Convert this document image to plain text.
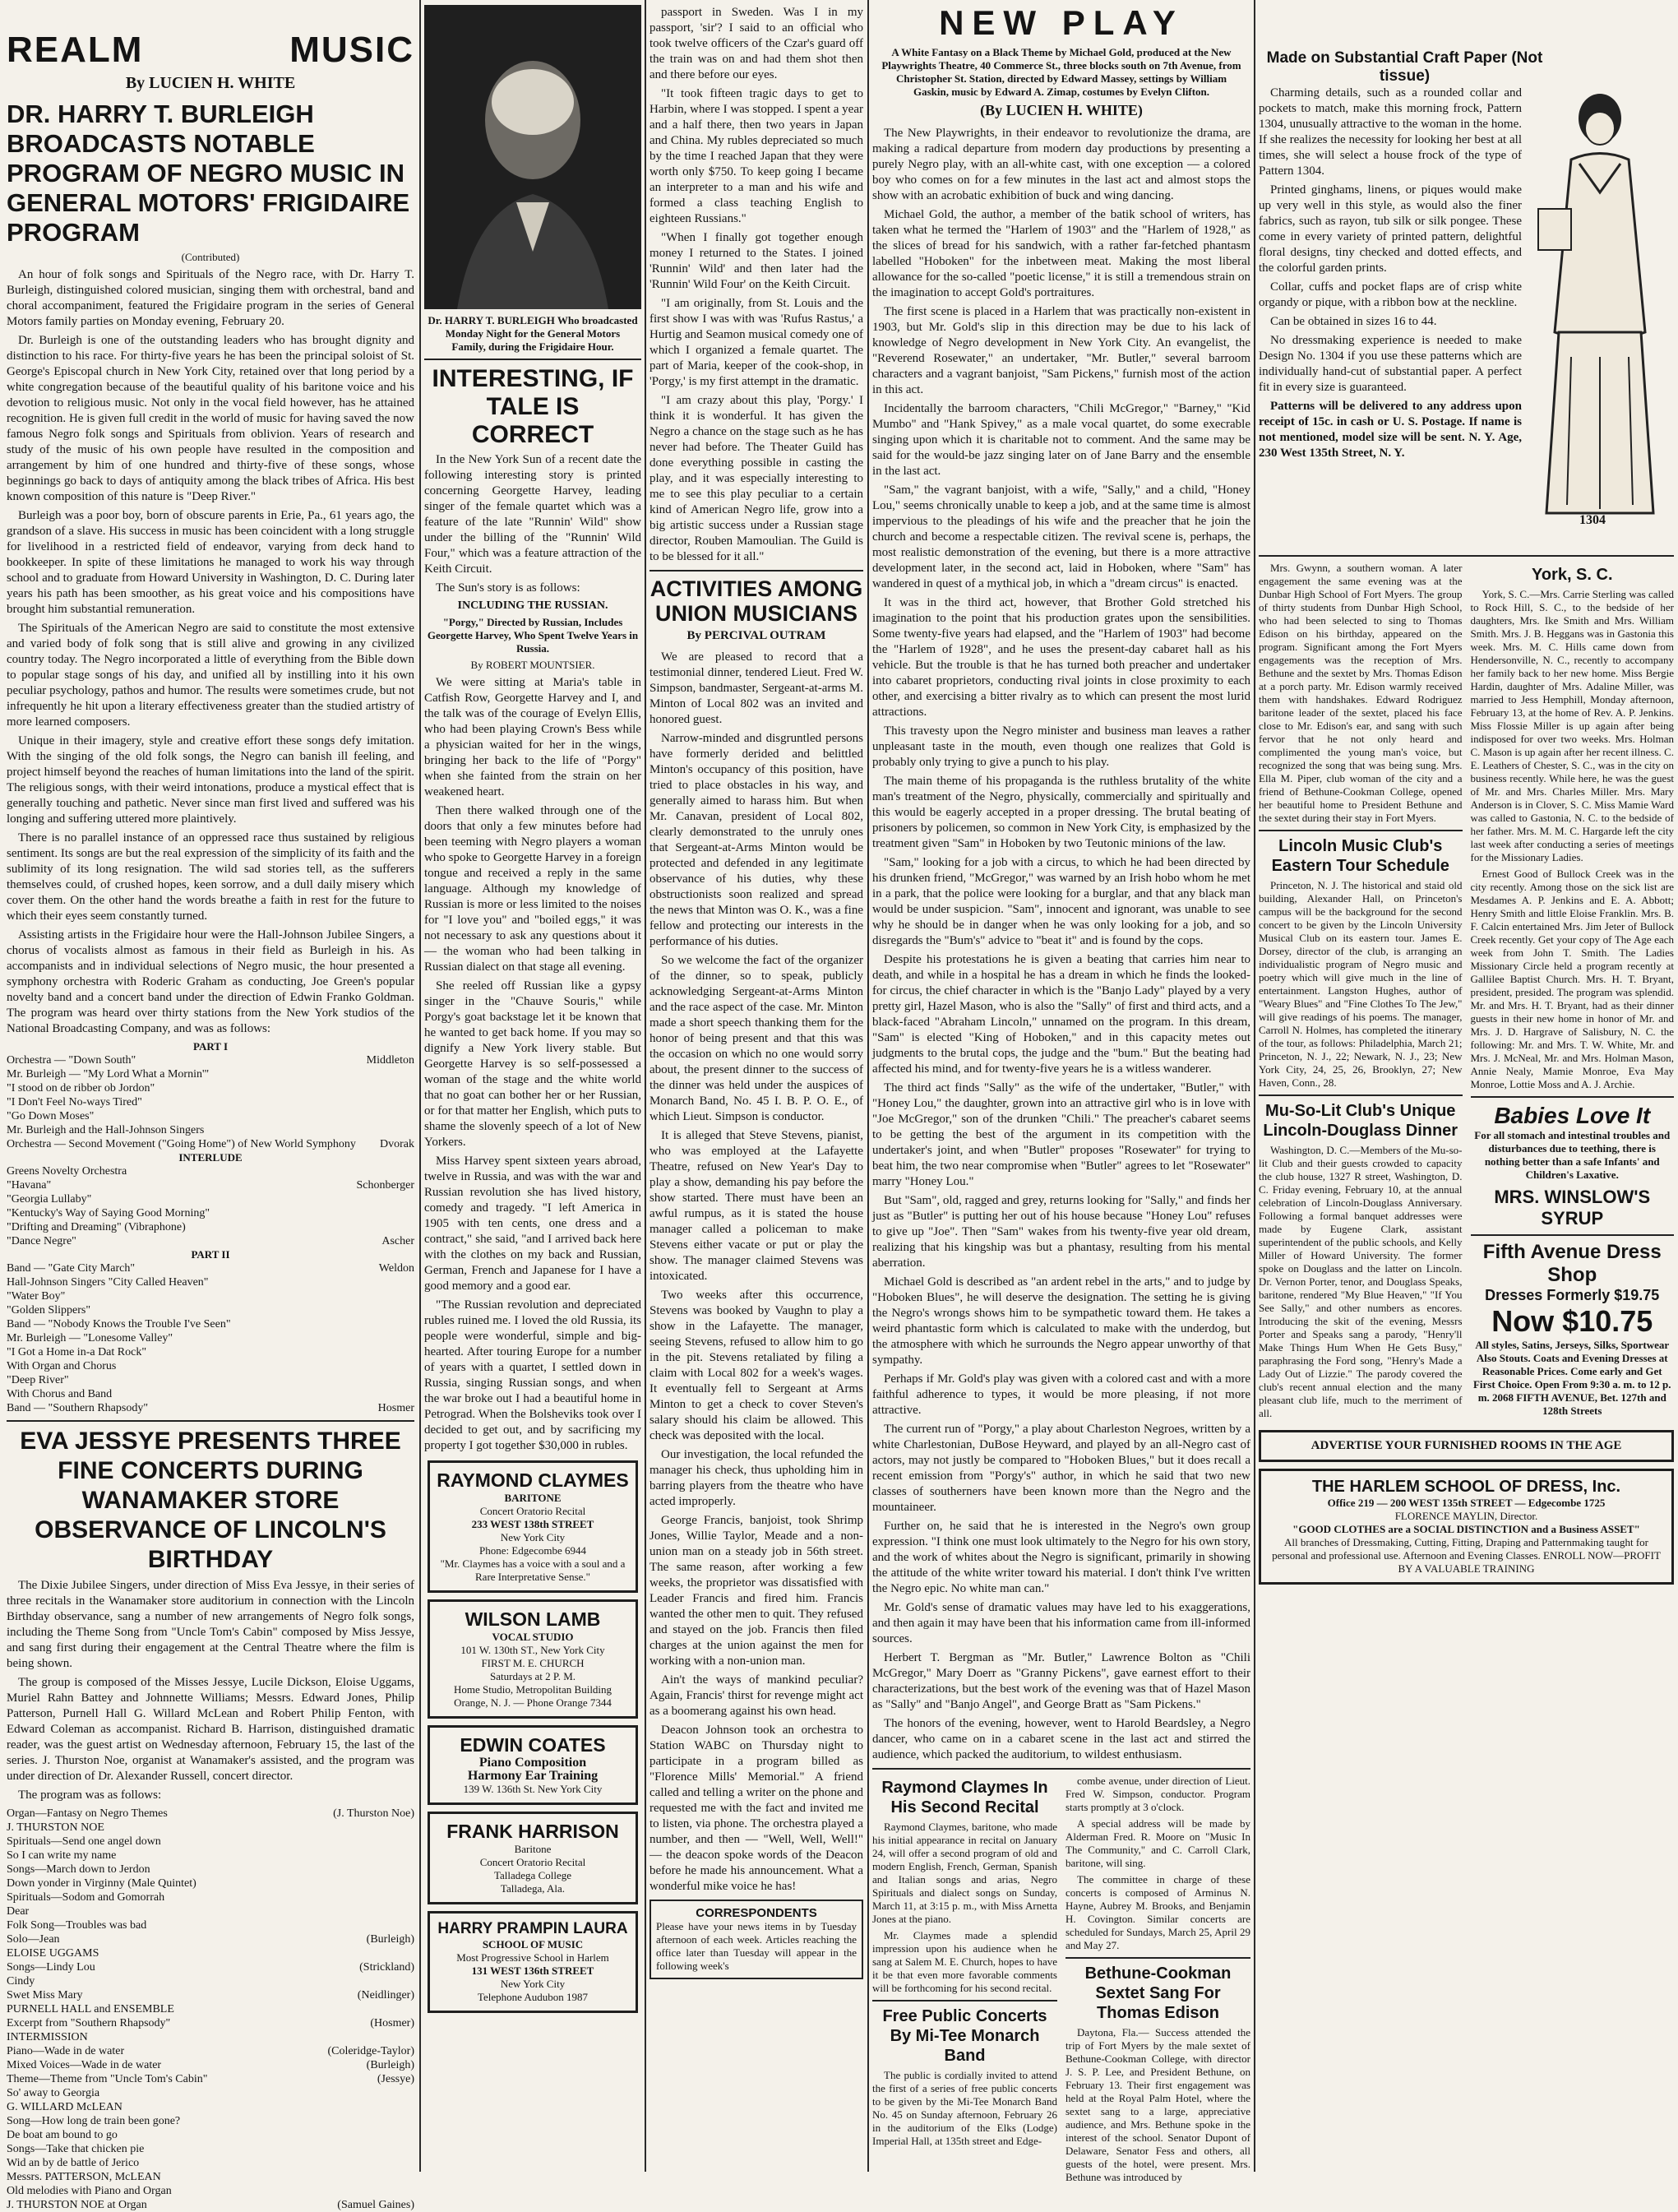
REALM	MUSIC
By LUCIEN H. WHITE
DR. HARRY T. BURLEIGH BROADCASTS NOTABLE PROGRAM OF NEGRO MUSIC IN GENERAL MOTORS' FRIGIDAIRE PROGRAM
(Contributed)

An hour of folk songs and Spirituals of the Negro race, with Dr. Harry T. Burleigh, distinguished colored musician, singing them with orchestral, band and choral accompaniment, featured the Frigidaire program in the series of General Motors family parties on Monday evening, February 20.

Dr. Burleigh is one of the outstanding leaders who has brought dignity and distinction to his race. For thirty-five years he has been the principal soloist of St. George's Episcopal church in New York City, retained over that long period by a white congregation because of the beautiful quality of his baritone voice and his devotion to religious music. Not only in the vocal field however, has he attained recognition. He is given full credit in the world of music for having saved the now famous Negro folk songs and Spirituals from oblivion. Years of research and study of the music of his own people have resulted in the composition and arrangement by him of one hundred and thirty-five of these songs, whose beginnings go back to days of antiquity among the black tribes of Africa. His best known composition of this nature is "Deep River."

Burleigh was a poor boy, born of obscure parents in Erie, Pa., 61 years ago, the grandson of a slave. His success in music has been coincident with a long struggle for livelihood in a restricted field of endeavor, varying from deck hand to bookkeeper. In spite of these limitations he managed to work his way through school and to graduate from Howard University in Washington, D. C. During later years his path has been smoother, as his great voice and his compositions have brought him substantial remuneration.

The Spirituals of the American Negro are said to constitute the most extensive and varied body of folk song that is still alive and growing in any civilized country today. The Negro incorporated a little of everything from the Bible down to popular stage songs of his day, and unified all by instilling into it his own peculiar psychology, pathos and humor. The results were sometimes crude, but not infrequently he hit upon a literary effectiveness greater than the studied artistry of more learned composers.

Unique in their imagery, style and creative effort these songs defy imitation. With the singing of the old folk songs, the Negro can banish ill feeling, and project himself beyond the reaches of human limitations into the land of the spirit. The religious songs, with their weird intonations, produce a mystical effect that is generally touching and pathetic. Never since man first lived and suffered was his longing and suffering uttered more plaintively.

There is no parallel instance of an oppressed race thus sustained by religious sentiment. Its songs are but the real expression of the simplicity of its faith and the sublimity of its long resignation. The wild sad stories tell, as the sufferers themselves could, of crushed hopes, keen sorrow, and a dull daily misery which cover them. On the other hand the words breathe a faith in rest for the future to which their eyes seem constantly turned.

Assisting artists in the Frigidaire hour were the Hall-Johnson Jubilee Singers, a chorus of vocalists almost as famous in their field as Burleigh in his. As accompanists and in individual selections of Negro music, the hour presented a symphony orchestra with Roderic Graham as conducting, Joe Green's popular novelty band and a concert band under the direction of Edwin Franko Goldman. The program was heard over thirty stations from the New York studios of the National Broadcasting Company, and was as follows:

PART I
Orchestra — "Down South"	Middleton
Mr. Burleigh — "My Lord What a Mornin'"
"I stood on de ribber ob Jordon"
"I Don't Feel No-ways Tired"
"Go Down Moses"
Mr. Burleigh and the Hall-Johnson Singers
Orchestra — Second Movement ("Going Home") of New World Symphony Dvorak
INTERLUDE
Greens Novelty Orchestra
"Havana"	Schonberger
"Georgia Lullaby"
"Kentucky's Way of Saying Good Morning"
"Drifting and Dreaming" (Vibraphone)
"Dance Negre"	Ascher
PART II
Band — "Gate City March"	Weldon
Hall-Johnson Singers "City Called Heaven"
"Water Boy"
"Golden Slippers"
Band — "Nobody Knows the Trouble I've Seen"
Mr. Burleigh — "Lonesome Valley"
"I Got a Home in-a Dat Rock"
With Organ and Chorus
"Deep River"
With Chorus and Band
Band — "Southern Rhapsody"	Hosmer
EVA JESSYE PRESENTS THREE FINE CONCERTS DURING WANAMAKER STORE OBSERVANCE OF LINCOLN'S BIRTHDAY

The Dixie Jubilee Singers, under direction of Miss Eva Jessye, in their series of three recitals in the Wanamaker store auditorium in connection with the Lincoln Birthday observance, sang a number of new arrangements of Negro folk songs, including the Theme Song from "Uncle Tom's Cabin" composed by Miss Jessye, and sang first during their engagement at the Central Theatre where the film is being shown.

The group is composed of the Misses Jessye, Lucile Dickson, Eloise Uggams, Muriel Rahn Battey and Johnnette Williams; Messrs. Edward Jones, Philip Patterson, Purnell Hall G. Willard McLean and Robert Philip Fenton, with Edward Coleman as accompanist. Richard B. Harrison, distinguished dramatic reader, was the guest artist on Wednesday afternoon, February 15, the last of the series. J. Thurston Noe, organist at Wanamaker's assisted, and the program was under direction of Dr. Alexander Russell, concert director.

The program was as follows:

Organ—Fantasy on Negro Themes	(J. Thurston Noe)
J. THURSTON NOE
Spirituals—Send one angel down
So I can write my name
Songs—March down to Jerdon
Down yonder in Virginny (Male Quintet)
Spirituals—Sodom and Gomorrah
Dear
Folk Song—Troubles was bad
Solo—Jean	(Burleigh)
ELOISE UGGAMS
Songs—Lindy Lou	(Strickland)
Cindy
Swet Miss Mary	(Neidlinger)
PURNELL HALL and ENSEMBLE
Excerpt from "Southern Rhapsody"	(Hosmer)
INTERMISSION
Piano—Wade in de water	(Coleridge-Taylor)
Mixed Voices—Wade in de water	(Burleigh)
Theme—Theme from "Uncle Tom's Cabin"	(Jessye)
So' away to Georgia
G. WILLARD McLEAN
Song—How long de train been gone?
De boat am bound to go
Songs—Take that chicken pie
Wid an by de battle of Jerico
Messrs. PATTERSON, McLEAN
Old melodies with Piano and Organ
J. THURSTON NOE at Organ	(Samuel Gaines)
Dr. HARRY T. BURLEIGH Who broadcasted Monday Night for the General Motors Family, during the Frigidaire Hour.
INTERESTING, IF TALE IS CORRECT

In the New York Sun of a recent date the following interesting story is printed concerning Georgette Harvey, leading singer of the female quartet which was a feature of the late "Runnin' Wild" show under the billing of the "Runnin' Wild Four," which was a feature attraction of the Keith Circuit.

The Sun's story is as follows:

INCLUDING THE RUSSIAN.
"Porgy," Directed by Russian, Includes Georgette Harvey, Who Spent Twelve Years in Russia.
By ROBERT MOUNTSIER.

We were sitting at Maria's table in Catfish Row, Georgette Harvey and I, and the talk was of the courage of Evelyn Ellis, who had been playing Crown's Bess while a physician waited for her in the wings, bringing her back to the life of "Porgy" when she fainted from the strain on her weakened heart.

Then there walked through one of the doors that only a few minutes before had been teeming with Negro players a woman who spoke to Georgette Harvey in a foreign tongue and received a reply in the same language. Although my knowledge of Russian is more or less limited to the noises for "I love you" and "boiled eggs," it was not necessary to ask any questions about it — the woman who had been talking in Russian dialect on that stage all evening.

She reeled off Russian like a gypsy singer in the "Chauve Souris," while Porgy's goat backstage let it be known that he wanted to get back home. If you may so dignify a New York livery stable. But Georgette Harvey is so self-possessed a woman of the stage and the white world that no goat can bother her or her Russian, or for that matter her English, which puts to shame the slovenly speech of a lot of New Yorkers.

Miss Harvey spent sixteen years abroad, twelve in Russia, and was with the war and Russian revolution she has lived history, comedy and tragedy. "I left America in 1905 with ten cents, one dress and a contract," she said, "and I arrived back here with the clothes on my back and Russian, German, French and Japanese for I have a good memory and a good ear.

"The Russian revolution and depreciated rubles ruined me. I loved the old Russia, its people were wonderful, simple and big-hearted. After touring Europe for a number of years with a quartet, I settled down in Russia, singing Russian songs, and when the war broke out I had a beautiful home in Petrograd. When the Bolsheviks took over I decided to get out, and by sacrificing my property I got together $30,000 in rubles.

RAYMOND CLAYMES
BARITONE
Concert Oratorio Recital
233 WEST 138th STREET
New York City
Phone: Edgecombe 6944
"Mr. Claymes has a voice with a soul and a Rare Interpretative Sense."
WILSON LAMB
VOCAL STUDIO
101 W. 130th ST., New York City
FIRST M. E. CHURCH
Saturdays at 2 P. M.
Home Studio, Metropolitan Building
Orange, N. J. — Phone Orange 7344
EDWIN COATES
Piano Composition
Harmony Ear Training
139 W. 136th St. New York City
FRANK HARRISON
Baritone
Concert Oratorio Recital
Talladega College
Talladega, Ala.
HARRY PRAMPIN LAURA
SCHOOL OF MUSIC
Most Progressive School in Harlem
131 WEST 136th STREET
New York City
Telephone Audubon 1987

passport in Sweden. Was I in my passport, 'sir'? I said to an official who took twelve officers of the Czar's guard off the train was on and had them shot then and there before our eyes.

"It took fifteen tragic days to get to Harbin, where I was stopped. I spent a year and a half there, then two years in Japan and China. My rubles depreciated so much by the time I reached Japan that they were worth only $750. To keep going I became an interpreter to a man and his wife and formed a class teaching English to eighteen Russians."

"When I finally got together enough money I returned to the States. I joined 'Runnin' Wild' and then later had the 'Runnin' Wild Four' on the Keith Circuit.

"I am originally, from St. Louis and the first show I was with was 'Rufus Rastus,' a Hurtig and Seamon musical comedy one of which I organized a female quartet. The part of Maria, keeper of the cook-shop, in 'Porgy,' is my first attempt in the dramatic.

"I am crazy about this play, 'Porgy.' I think it is wonderful. It has given the Negro a chance on the stage such as he has never had before. The Theater Guild has done everything possible in casting the play, and it was especially interesting to me to see this play peculiar to a certain kind of American Negro life, grow into a big artistic success under a Russian stage director, Rouben Mamoulian. The Guild is to be blessed for it all."

ACTIVITIES AMONG UNION MUSICIANS
By PERCIVAL OUTRAM

We are pleased to record that a testimonial dinner, tendered Lieut. Fred W. Simpson, bandmaster, Sergeant-at-arms M. Minton of Local 802 was an invited and honored guest.

Narrow-minded and disgruntled persons have formerly derided and belittled Minton's occupancy of this position, have tried to place obstacles in his way, and generally aimed to harass him. But when Mr. Canavan, president of Local 802, clearly demonstrated to the unruly ones that Sergeant-at-Arms Minton would be protected and defended in any legitimate observance of his duties, why these obstructionists soon realized and spread the news that Minton was O. K., was a fine fellow and protecting our interests in the performance of his duties.

So we welcome the fact of the organizer of the dinner, so to speak, publicly acknowledging Sergeant-at-Arms Minton and the race aspect of the case. Mr. Minton made a short speech thanking them for the honor of being present and that this was the occasion on which no one would sorry about, the present dinner to the success of the dinner was held under the auspices of Monarch Band, No. 45 I. B. P. O. E., of which Lieut. Simpson is conductor.

It is alleged that Steve Stevens, pianist, who was employed at the Lafayette Theatre, refused on New Year's Day to play a show, demanding his pay before the show started. There must have been an awful rumpus, as it is stated the house manager called a policeman to make Stevens either vacate or put or play the show. The manager claimed Stevens was intoxicated.

Two weeks after this occurrence, Stevens was booked by Vaughn to play a show in the Lafayette. The manager, seeing Stevens, refused to allow him to go in the pit. Stevens retaliated by filing a claim with Local 802 for a week's wages. It eventually fell to Sergeant at Arms Minton to get a check to cover Steven's salary should his claim be allowed. This check was deposited with the local.

Our investigation, the local refunded the manager his check, thus upholding him in barring players from the theatre who have acted improperly.

George Francis, banjoist, took Shrimp Jones, Willie Taylor, Meade and a non-union man on a steady job in 56th street. The same reason, after working a few weeks, the proprietor was dissatisfied with Leader Francis and fired him. Francis wanted the other men to quit. They refused and stayed on the job. Francis then filed charges at the union against the men for working with a non-union man.

Ain't the ways of mankind peculiar? Again, Francis' thirst for revenge might act as a boomerang against his own head.

Deacon Johnson took an orchestra to Station WABC on Thursday night to participate in a program billed as "Florence Mills' Memorial." A friend called and telling a writer on the phone and requested me with the fact and invited me to listen, via phone. The orchestra played a number, and then — "Well, Well, Well!" — the deacon spoke words of the Deacon before he made his announcement. What a wonderful mike voice he has!

CORRESPONDENTS
Please have your news items in by Tuesday afternoon of each week. Articles reaching the office later than Tuesday will appear in the following week's
NEW PLAY
A White Fantasy on a Black Theme by Michael Gold, produced at the New Playwrights Theatre, 40 Commerce St., three blocks south on 7th Avenue, from Christopher St. Station, directed by Edward Massey, settings by William Gaskin, music by Edward A. Zimap, costumes by Evelyn Clifton.
(By LUCIEN H. WHITE)

The New Playwrights, in their endeavor to revolutionize the drama, are making a radical departure from modern day productions by presenting a purely Negro play, with an all-white cast, with one exception — a colored boy who comes on for a few minutes in the last act and almost stops the show with an acrobatic exhibition of buck and wing dancing.

Michael Gold, the author, a member of the batik school of writers, has taken what he termed the "Harlem of 1903" and the "Harlem of 1928," as the slices of bread for his sandwich, with a rather far-fetched phantasm labelled "Hoboken" for the inbetween meat. Making the most liberal allowance for the so-called "poetic license," it is still a tremendous strain on the imagination to accept Gold's portraitures.

The first scene is placed in a Harlem that was practically non-existent in 1903, but Mr. Gold's slip in this direction may be due to his lack of knowledge of Negro development in New York City. An evangelist, the "Reverend Rosewater," an undertaker, "Mr. Butler," several barroom characters and a vagrant banjoist, "Sam Pickens," furnish most of the action in this act.

Incidentally the barroom characters, "Chili McGregor," "Barney," "Kid Mumbo" and "Hank Spivey," as a male vocal quartet, do some execrable singing upon which it is charitable not to comment. And the same may be said for the would-be jazz singing later on of Jane Barry and the ensemble in the last act.

"Sam," the vagrant banjoist, with a wife, "Sally," and a child, "Honey Lou," seems chronically unable to keep a job, and at the same time is almost impervious to the pleadings of his wife and the preacher that he join the church and become a respectable citizen. The revival scene is, perhaps, the most realistic demonstration of the evening, but there is a more attractive development later, in the second act, laid in Hoboken, where "Sam" has wandered in quest of a mythical job, in which a "dream circus" is enacted.

It was in the third act, however, that Brother Gold stretched his imagination to the point that his production grates upon the sensibilities. Some twenty-five years had elapsed, and the "Harlem of 1903" had become the "Harlem of 1928", and he uses the present-day cabaret hall as his vehicle. But the trouble is that he has turned both preacher and undertaker into cabaret proprietors, conducting rival joints in close proximity to each other, and exercising a bitter rivalry as to which can present the most lurid attractions.

This travesty upon the Negro minister and business man leaves a rather unpleasant taste in the mouth, even though one realizes that Gold is probably only trying to give a punch to his play.

The main theme of his propaganda is the ruthless brutality of the white man's treatment of the Negro, physically, commercially and spiritually and this would be eagerly accepted in a proper dressing. The brutal beating of prisoners by policemen, so common in New York City, is emphasized by the treatment given "Sam" in Hoboken by two Teutonic minions of the law.

"Sam," looking for a job with a circus, to which he had been directed by his drunken friend, "McGregor," was warned by an Irish hobo whom he met in a park, that the police were looking for a burglar, and that any black man would be under suspicion. "Sam", innocent and ignorant, was unable to see why he should be in danger when he was only looking for a job, and so disregards the "Bum's" advice to "beat it" and is found by the cops.

Despite his protestations he is given a beating that carries him near to death, and while in a hospital he has a dream in which he finds the looked-for circus, the chief character in which is the "Banjo Lady" played by a very pretty girl, Hazel Mason, who is also the "Sally" of first and third acts, and a black-faced "Abraham Lincoln," unnamed on the program. In this dream, "Sam" is elected "King of Hoboken," and in this capacity metes out judgments to the brutal cops, the judge and the "bum." But the beating had affected his mind, and for twenty-five years he is a witless wanderer.

The third act finds "Sally" as the wife of the undertaker, "Butler," with "Honey Lou," the daughter, grown into an attractive girl who is in love with "Joe McGregor," son of the drunken "Chili." The preacher's cabaret seems to be getting the best of the argument in its competition with the undertaker's joint, and when "Butler" proposes "Rosewater" for trying to beat him, the two near compromise when "Butler" agrees to let "Rosewater" marry "Honey Lou."

But "Sam", old, ragged and grey, returns looking for "Sally," and finds her just as "Butler" is putting her out of his house because "Honey Lou" refuses to give up "Joe". Then "Sam" wakes from his twenty-five year old dream, realizing that his kingship was but a phantasy, resulting from his mental aberration.

Michael Gold is described as "an ardent rebel in the arts," and to judge by "Hoboken Blues", he will deserve the designation. The setting he is giving the Negro's wrongs shows him to be sympathetic toward them. He takes a weird phantastic form which is calculated to make with the underdog, but the atmosphere with which he surrounds the Negro appear unworthy of that sympathy.

Perhaps if Mr. Gold's play was given with a colored cast and with a more faithful adherence to types, it would be more pleasing, if not more attractive.

The current run of "Porgy," a play about Charleston Negroes, written by a white Charlestonian, DuBose Heyward, and played by an all-Negro cast of actors, may not justly be compared to "Hoboken Blues," but it does recall a recent emission from "Porgy's" author, in which he said that two new classes of southerners have been known more than the Negro and the mountaineer.

Further on, he said that he is interested in the Negro's own group expression. "I think one must look ultimately to the Negro for his own story, and the work of whites about the Negro is significant, primarily in showing the attitude of the white writer toward his material. I don't think I've written the Negro epic. No white man can."

Mr. Gold's sense of dramatic values may have led to his exaggerations, and then again it may have been that his information came from ill-informed sources.

Herbert T. Bergman as "Mr. Butler," Lawrence Bolton as "Chili McGregor," Mary Doerr as "Granny Pickens", gave earnest effort to their characterizations, but the best work of the evening was that of Hazel Mason as "Sally" and "Banjo Angel", and George Bratt as "Sam Pickens."

The honors of the evening, however, went to Harold Beardsley, a Negro dancer, who came on in a cabaret scene in the last act and stirred the audience, which packed the auditorium, to wildest enthusiasm.

Raymond Claymes In His Second Recital

Raymond Claymes, baritone, who made his initial appearance in recital on January 24, will offer a second program of old and modern English, French, German, Spanish and Italian songs and arias, Negro Spirituals and dialect songs on Sunday, March 11, at 3:15 p. m., with Miss Arnetta Jones at the piano.

Mr. Claymes made a splendid impression upon his audience when he sang at Salem M. E. Church, hopes to have it be that even more favorable comments will be forthcoming for his second recital.

Free Public Concerts By Mi-Tee Monarch Band

The public is cordially invited to attend the first of a series of free public concerts to be given by the Mi-Tee Monarch Band No. 45 on Sunday afternoon, February 26 in the auditorium of the Elks (Lodge) Imperial Hall, at 135th street and Edge-

combe avenue, under direction of Lieut. Fred W. Simpson, conductor. Program starts promptly at 3 o'clock.

A special address will be made by Alderman Fred. R. Moore on "Music In The Community," and C. Carroll Clark, baritone, will sing.

The committee in charge of these concerts is composed of Arminus N. Hayne, Aubrey M. Brooks, and Benjamin H. Covington. Similar concerts are scheduled for Sundays, March 25, April 29 and May 27.

Bethune-Cookman Sextet Sang For Thomas Edison

Daytona, Fla.— Success attended the trip of Fort Myers by the male sextet of Bethune-Cookman College, with director J. S. P. Lee, and President Bethune, on February 13. Their first engagement was held at the Royal Palm Hotel, where the sextet sang to a large, appreciative audience, and Mrs. Bethune spoke in the interest of the school. Senator Dupont of Delaware, Senator Fess and others, all guests of the hotel, were present. Mrs. Bethune was introduced by

Made on Substantial Craft Paper (Not tissue)

Charming details, such as a rounded collar and pockets to match, make this morning frock, Pattern 1304, unusually attractive to the woman in the home. If she realizes the necessity for looking her best at all times, she will select a house frock of the type of Pattern 1304.

Printed ginghams, linens, or piques would make up very well in this style, as would also the finer fabrics, such as rayon, tub silk or silk pongee. These come in every variety of printed pattern, delightful floral designs, tiny checked and dotted effects, and the colorful garden prints.

Collar, cuffs and pocket flaps are of crisp white organdy or pique, with a ribbon bow at the neckline.

Can be obtained in sizes 16 to 44.

No dressmaking experience is needed to make Design No. 1304 if you use these patterns which are individually hand-cut of substantial paper. A perfect fit in every size is guaranteed.

Patterns will be delivered to any address upon receipt of 15c. in cash or U. S. Postage. If name is not mentioned, model size will be sent. N. Y. Age, 230 West 135th Street, N. Y.

1304

Mrs. Gwynn, a southern woman. A later engagement the same evening was at the Dunbar High School of Fort Myers. The group of thirty students from Dunbar High School, who had been selected to sing to Thomas Edison on his birthday, appeared on the program. Significant among the Fort Myers engagements was the reception of Mrs. Bethune and the sextet by Mrs. Thomas Edison at a porch party. Mr. Edison warmly received them with handshakes. Edward Rodriguez baritone leader of the sextet, placed his face close to Mr. Edison's ear, and sang with such fervor that he not only heard and complimented the young man's voice, but recognized the song that was being sung. Mrs. Ella M. Piper, club woman of the city and a friend of Bethune-Cookman College, opened her beautiful home to President Bethune and the sextet during their stay in Fort Myers.

Lincoln Music Club's Eastern Tour Schedule

Princeton, N. J. The historical and staid old building, Alexander Hall, on Princeton's campus will be the background for the second concert to be given by the Lincoln University Musical Club on its eastern tour. James E. Dorsey, director of the club, is arranging an individualistic program of Negro music and poetry which will give much in the line of entertainment. Langston Hughes, author of "Weary Blues" and "Fine Clothes To The Jew," will give readings of his poems. The manager, Carroll N. Holmes, has completed the itinerary of the tour, as follows: Philadelphia, March 21; Princeton, N. J., 22; Newark, N. J., 23; New York City, 24, 25, 26, Brooklyn, 27; New Haven, Conn., 28.

Mu-So-Lit Club's Unique Lincoln-Douglass Dinner

Washington, D. C.—Members of the Mu-so-lit Club and their guests crowded to capacity the club house, 1327 R street, Washington, D. C. Friday evening, February 10, at the annual celebration of Lincoln-Douglass Anniversary. Following a formal banquet addresses were made by Eugene Clark, assistant superintendent of the public schools, and Kelly Miller of Howard University. The former spoke on Douglass and the latter on Lincoln. Dr. Vernon Porter, tenor, and Douglass Speaks, baritone, rendered "My Blue Heaven," "If You See Sally," and other numbers as encores. Introducing the skit of the evening, Messrs Porter and Speaks sang a parody, "Henry'll Make Things Hum When He Gets Busy," paraphrasing the Ford song, "Henry's Made a Lady Out of Lizzie." The parody covered the club's recent annual election and the many pleasant club life, much to the merriment of all.

York, S. C.

York, S. C.—Mrs. Carrie Sterling was called to Rock Hill, S. C., to the bedside of her daughters, Mrs. Ike Smith and Mrs. William Smith. Mrs. J. B. Heggans was in Gastonia this week. Mrs. M. C. Hills came down from Hendersonville, N. C., recently to accompany her family back to her new home. Miss Bergie Hardin, daughter of Mrs. Adaline Miller, was married to Jess Hemphill, Monday afternoon, February 13, at the home of Rev. A. P. Jenkins. Miss Flossie Miller is up again after being indisposed for over two weeks. Mrs. Holman C. Mason is up again after her recent illness. C. E. Leathers of Chester, S. C., was in the city on business recently. While here, he was the guest of Mr. and Mrs. Charles Miller. Mrs. Mary Anderson is in Clover, S. C. Miss Mamie Ward was called to Gastonia, N. C. to the bedside of her father. Mrs. M. M. C. Hargarde left the city last week after conducting a series of meetings for the Missionary Ladies.

Ernest Good of Bullock Creek was in the city recently. Among those on the sick list are Mesdames A. P. Jenkins and E. A. Abbott; Henry Smith and little Eloise Franklin. Mrs. B. F. Calcin entertained Mrs. Jim Jeter of Bullock Creek recently. Get your copy of The Age each week from John T. Smith. The Ladies Missionary Circle held a program recently at Gallilee Baptist Church. Mrs. H. T. Bryant, president, presided. The program was splendid. Mr. and Mrs. H. T. Bryant, had as their dinner guests in their new home in honor of Mr. and Mrs. J. D. Hargrave of Salisbury, N. C. the following: Mr. and Mrs. T. W. White, Mr. and Mrs. J. McNeal, Mr. and Mrs. Holman Mason, Annie Nealy, Mamie Monroe, Eva May Monroe, Lottie Moss and A. J. Archie.

Babies Love It
For all stomach and intestinal troubles and disturbances due to teething, there is nothing better than a safe Infants' and Children's Laxative.
MRS. WINSLOW'S SYRUP
Fifth Avenue Dress Shop
Dresses Formerly $19.75
Now $10.75
All styles, Satins, Jerseys, Silks, Sportwear Also Stouts. Coats and Evening Dresses at Reasonable Prices. Come early and Get First Choice. Open From 9:30 a. m. to 12 p. m. 2068 FIFTH AVENUE, Bet. 127th and 128th Streets
ADVERTISE YOUR FURNISHED ROOMS IN THE AGE
THE HARLEM SCHOOL OF DRESS, Inc.
Office 219 — 200 WEST 135th STREET — Edgecombe 1725
FLORENCE MAYLIN, Director.
"GOOD CLOTHES are a SOCIAL DISTINCTION and a Business ASSET"
All branches of Dressmaking, Cutting, Fitting, Draping and Patternmaking taught for personal and professional use. Afternoon and Evening Classes. ENROLL NOW—PROFIT BY A VALUABLE TRAINING
